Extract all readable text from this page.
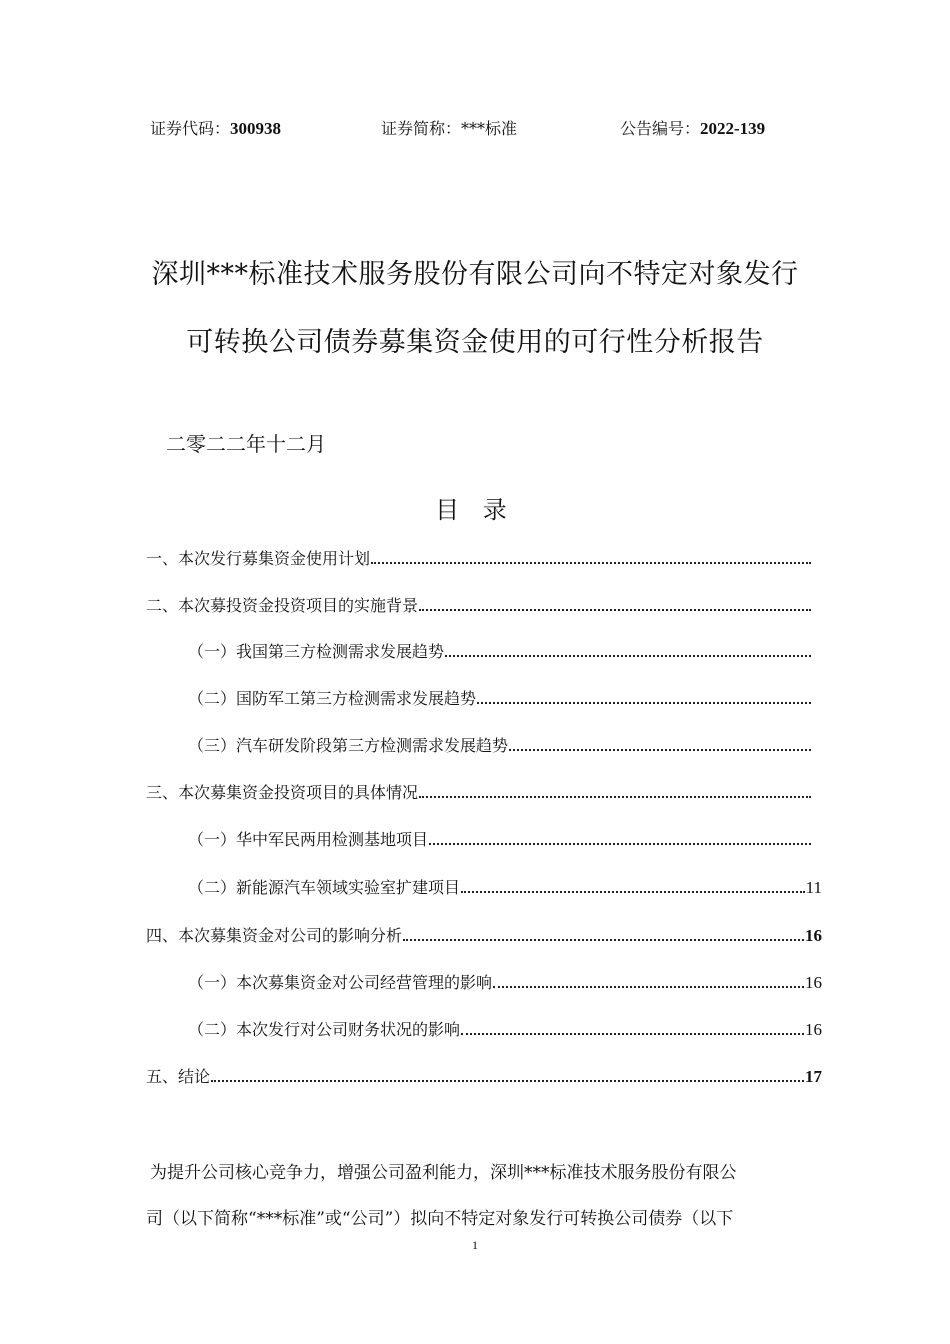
证券代码：300938	证券简称：***标准	公告编号：2022-139
深圳***标准技术服务股份有限公司向不特定对象发行
可转换公司债券募集资金使用的可行性分析报告
二零二二年十二月
目 录
一、本次发行募集资金使用计划
二、本次募投资金投资项目的实施背景
（一）我国第三方检测需求发展趋势
（二）国防军工第三方检测需求发展趋势
（三）汽车研发阶段第三方检测需求发展趋势
三、本次募集资金投资项目的具体情况
（一）华中军民两用检测基地项目
（二）新能源汽车领域实验室扩建项目	11
四、本次募集资金对公司的影响分析	16
（一）本次募集资金对公司经营管理的影响	16
（二）本次发行对公司财务状况的影响	16
五、结论	17
为提升公司核心竞争力，增强公司盈利能力，深圳***标准技术服务股份有限公
司（以下简称“***标准”或“公司”）拟向不特定对象发行可转换公司债券（以下
1
